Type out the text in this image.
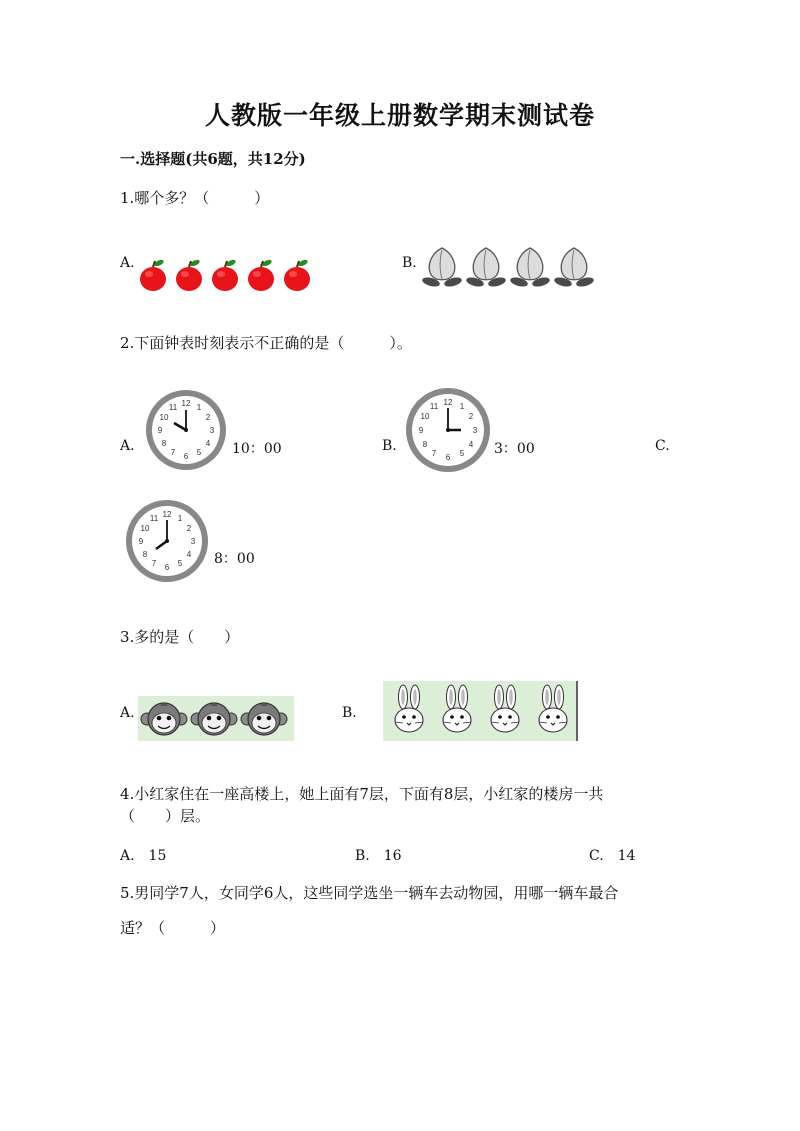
人教版一年级上册数学期末测试卷
一.选择题(共6题，共12分)
1.哪个多？（　　　）
A.	B.
2.下面钟表时刻表示不正确的是（　　　）。
A.
12 1
2
3
4
5
6
7
8
9
10
11
10：00	B.
12 1
2
3
4
5
6
7
8
9
10
11
3：00	C.
12 1
2
3
4
5
6
7
8
9
10
11
8：00
3.多的是（　　）
A.	B.
4.小红家住在一座高楼上，她上面有7层，下面有8层，小红家的楼房一共
（　　）层。
A.　15	B.　16	C.　14
5.男同学7人，女同学6人，这些同学选坐一辆车去动物园，用哪一辆车最合
适？（　　　）
